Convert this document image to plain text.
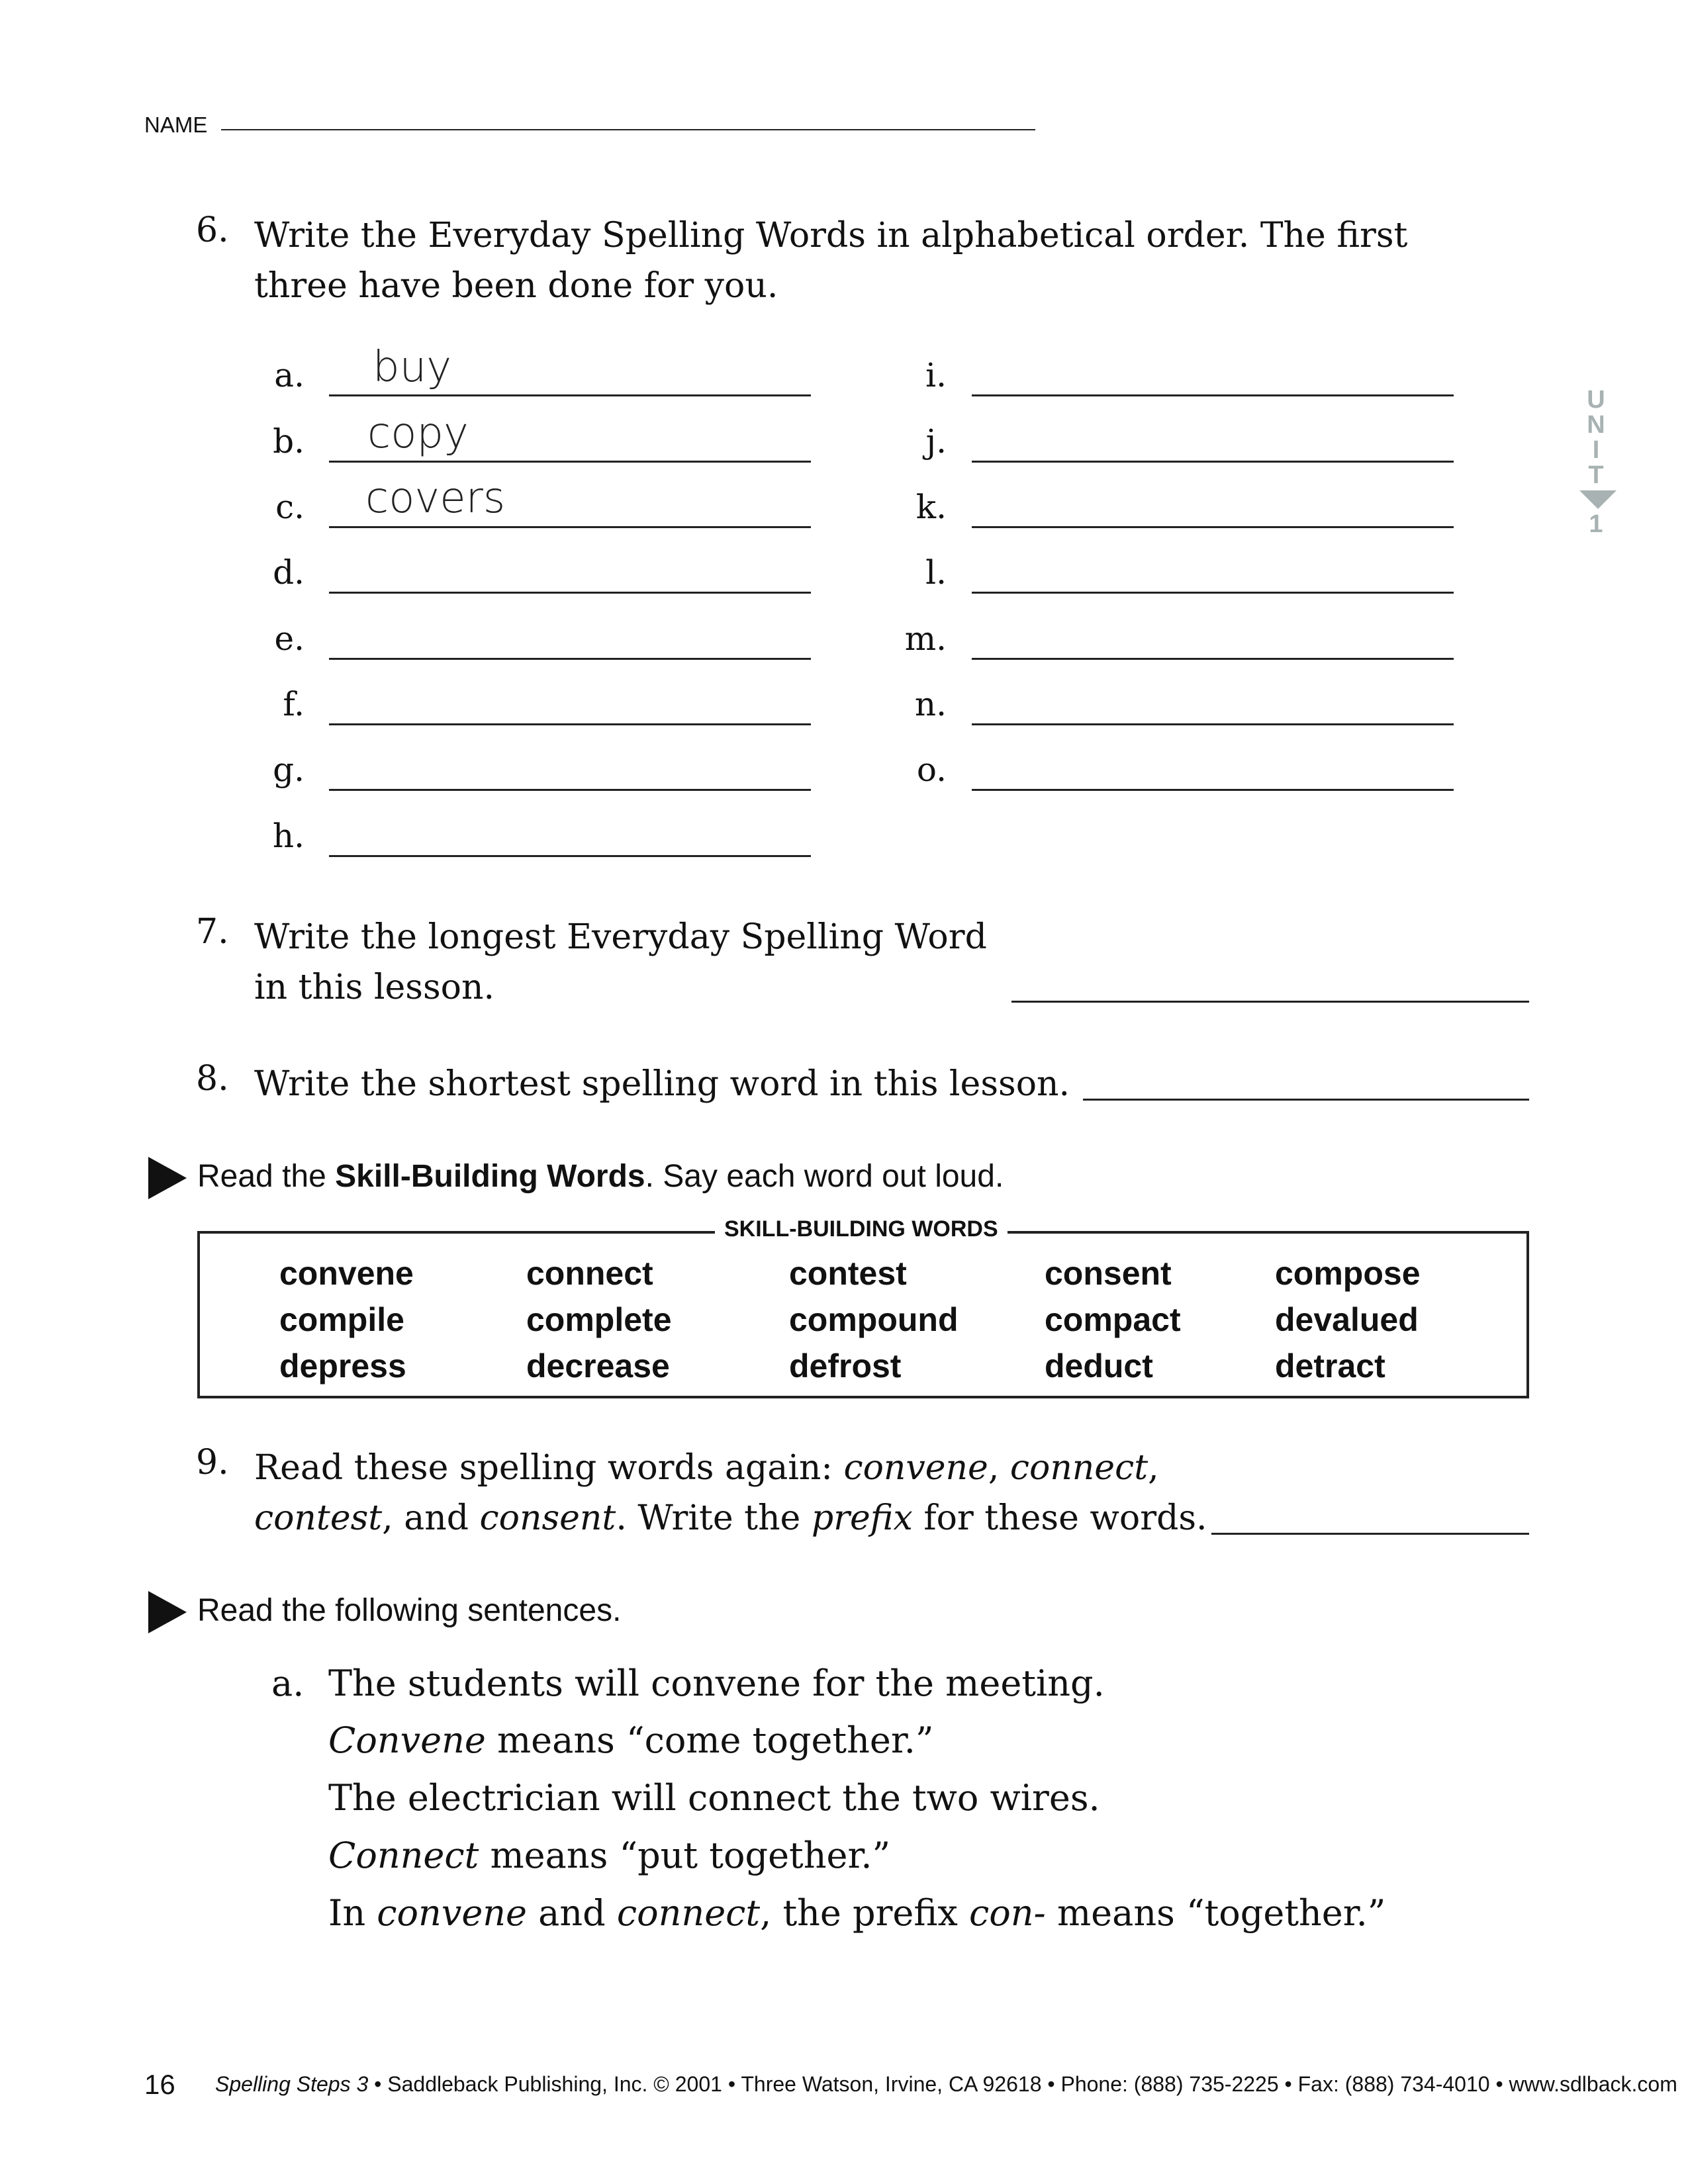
NAME
6. Write the Everyday Spelling Words in alphabetical order. The first
three have been done for you.
a. buy
b. copy
c. covers
d.
e.
f.
g.
h.
i.
j.
k.
l.
m.
n.
o.
U
N
I
T
1
7. Write the longest Everyday Spelling Word
in this lesson.
8. Write the shortest spelling word in this lesson.
Read the Skill-Building Words. Say each word out loud.
SKILL-BUILDING WORDS
convene
compile
depress
connect
complete
decrease
contest
compound
defrost
consent
compact
deduct
compose
devalued
detract
9. Read these spelling words again: convene, connect,
contest, and consent. Write the prefix for these words.
Read the following sentences.
a. The students will convene for the meeting.
Convene means “come together.”
The electrician will connect the two wires.
Connect means “put together.”
In convene and connect, the prefix con- means “together.”
16 Spelling Steps 3 • Saddleback Publishing, Inc. © 2001 • Three Watson, Irvine, CA 92618 • Phone: (888) 735-2225 • Fax: (888) 734-4010 • www.sdlback.com
